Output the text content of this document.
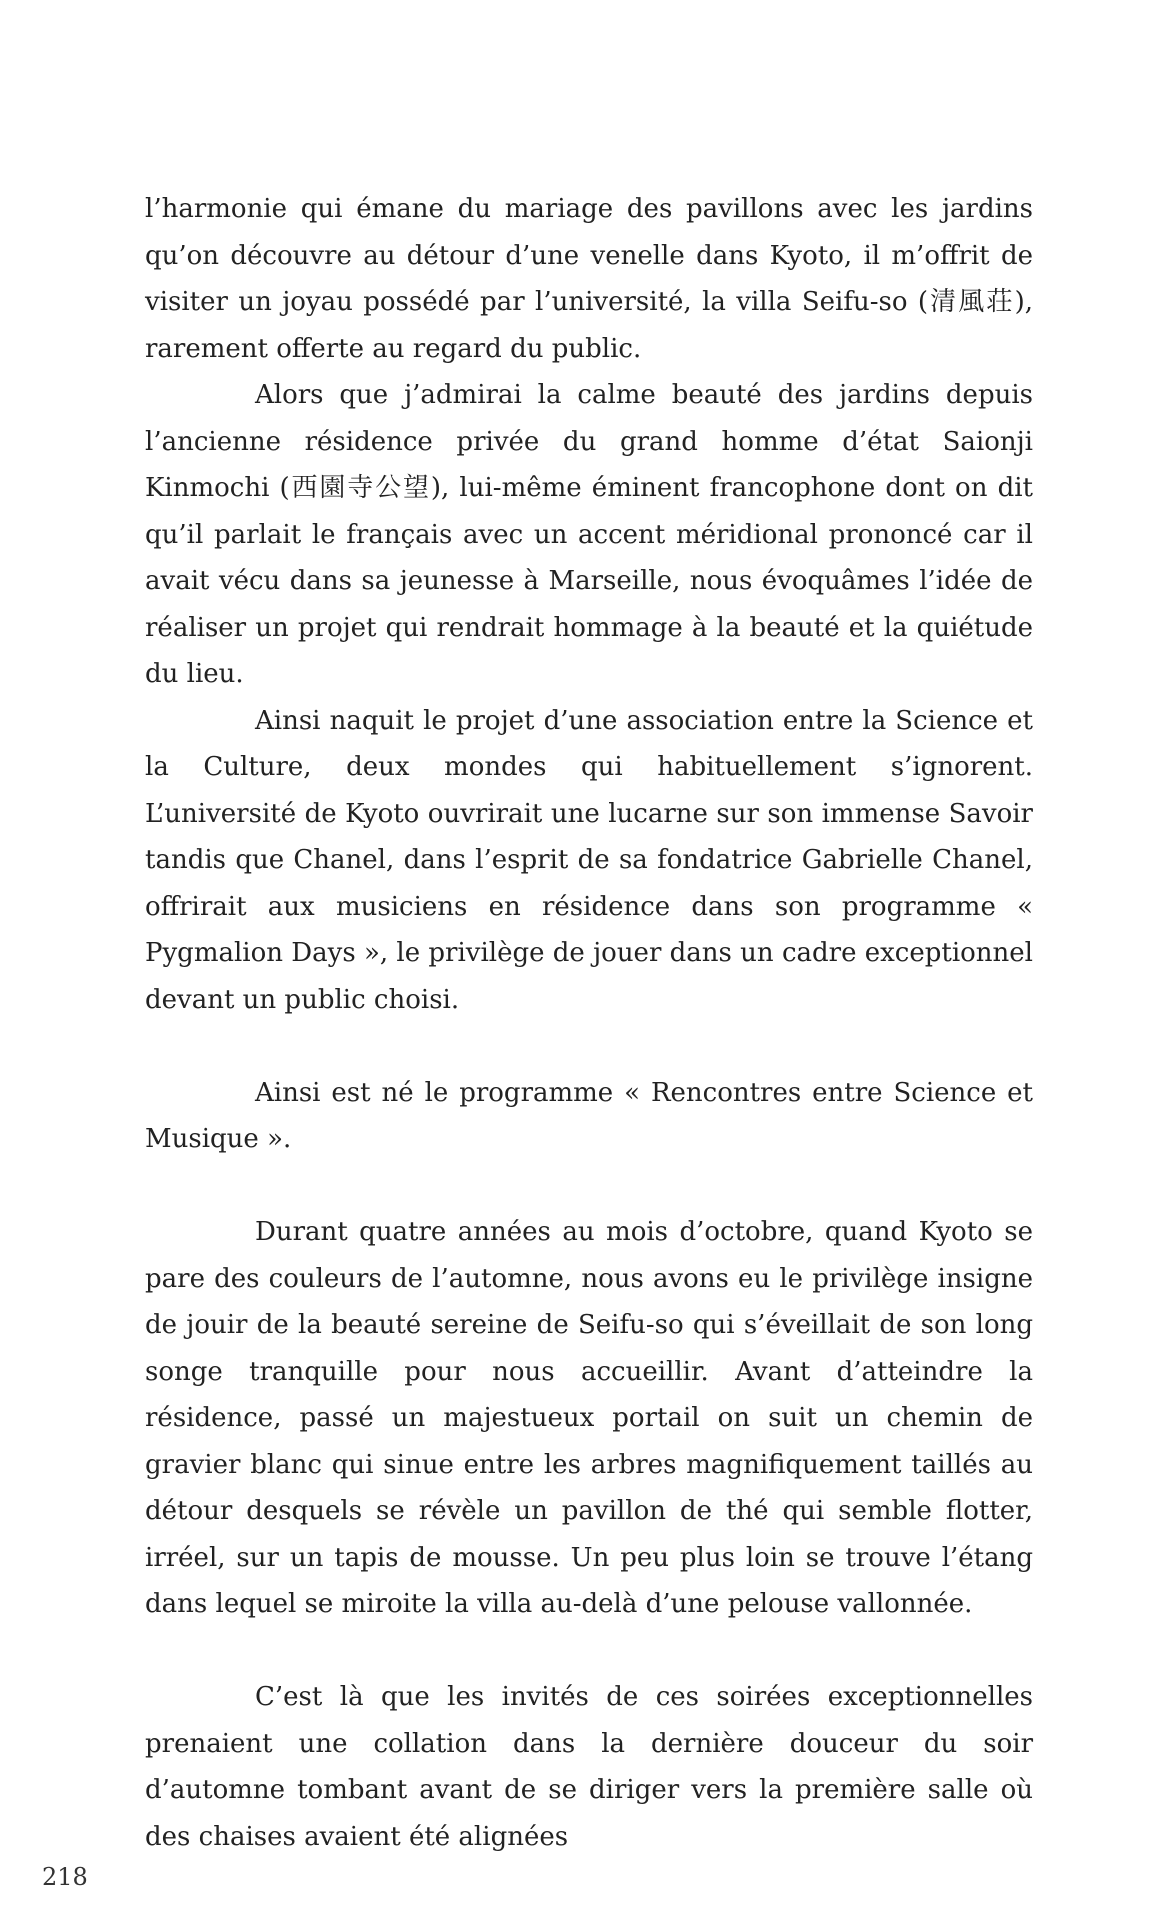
l’harmonie qui émane du mariage des pavillons avec les jardins qu’on découvre au détour d’une venelle dans Kyoto, il m’offrit de visiter un joyau possédé par l’université, la villa Seifu-so (清風荘), rarement offerte au regard du public.

Alors que j’admirai la calme beauté des jardins depuis l’ancienne résidence privée du grand homme d’état Saionji Kinmochi (西園寺公望), lui-même éminent francophone dont on dit qu’il parlait le français avec un accent méridional prononcé car il avait vécu dans sa jeunesse à Marseille, nous évoquâmes l’idée de réaliser un projet qui rendrait hommage à la beauté et la quiétude du lieu.

Ainsi naquit le projet d’une association entre la Science et la Culture, deux mondes qui habituellement s’ignorent. L’université de Kyoto ouvrirait une lucarne sur son immense Savoir tandis que Chanel, dans l’esprit de sa fondatrice Gabrielle Chanel, offrirait aux musiciens en résidence dans son programme « Pygmalion Days », le privilège de jouer dans un cadre exceptionnel devant un public choisi.

Ainsi est né le programme « Rencontres entre Science et Musique ».

Durant quatre années au mois d’octobre, quand Kyoto se pare des couleurs de l’automne, nous avons eu le privilège insigne de jouir de la beauté sereine de Seifu-so qui s’éveillait de son long songe tranquille pour nous accueillir. Avant d’atteindre la résidence, passé un majestueux portail on suit un chemin de gravier blanc qui sinue entre les arbres magnifiquement taillés au détour desquels se révèle un pavillon de thé qui semble flotter, irréel, sur un tapis de mousse. Un peu plus loin se trouve l’étang dans lequel se miroite la villa au-delà d’une pelouse vallonnée.

C’est là que les invités de ces soirées exceptionnelles prenaient une collation dans la dernière douceur du soir d’automne tombant avant de se diriger vers la première salle où des chaises avaient été alignées

218
